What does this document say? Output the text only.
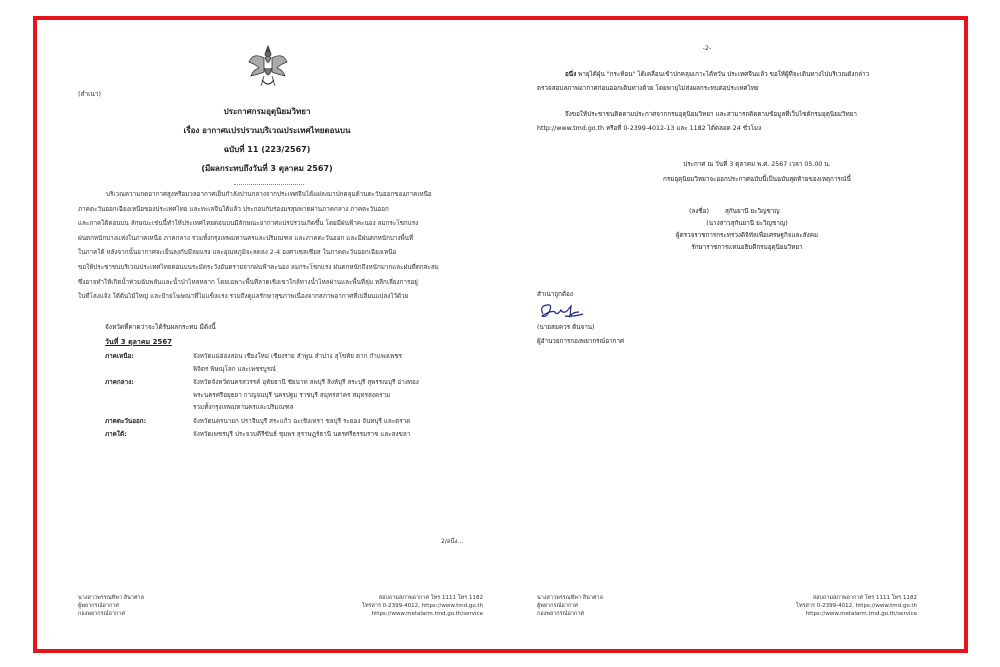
(สำเนา)
ประกาศกรมอุตุนิยมวิทยา
เรื่อง อากาศแปรปรวนบริเวณประเทศไทยตอนบน
ฉบับที่ 11 (223/2567)
(มีผลกระทบถึงวันที่ 3 ตุลาคม 2567)
บริเวณความกดอากาศสูงหรือมวลอากาศเย็นกำลังปานกลางจากประเทศจีนได้แผ่ลงมาปกคลุมด้านตะวันออกของภาคเหนือ
ภาคตะวันออกเฉียงเหนือของประเทศไทย และทะเลจีนใต้แล้ว ประกอบกับร่องมรสุมพาดผ่านภาคกลาง ภาคตะวันออก
และภาคใต้ตอนบน ลักษณะเช่นนี้ทำให้ประเทศไทยตอนบนมีลักษณะอากาศแปรปรวนเกิดขึ้น โดยมีฝนฟ้าคะนอง ลมกระโชกแรง
ฝนตกหนักบางแห่งในภาคเหนือ ภาคกลาง รวมทั้งกรุงเทพมหานครและปริมณฑล และภาคตะวันออก และมีฝนตกหนักบางพื้นที่
ในภาคใต้ หลังจากนั้นอากาศจะเย็นลงกับมีลมแรง และอุณหภูมิจะลดลง 2-4 องศาเซลเซียส ในภาคตะวันออกเฉียงเหนือ
ขอให้ประชาชนบริเวณประเทศไทยตอนบนระมัดระวังอันตรายจากฝนฟ้าคะนอง ลมกระโชกแรง ฝนตกหนักถึงหนักมากและฝนที่ตกสะสม
ซึ่งอาจทำให้เกิดน้ำท่วมฉับพลันและน้ำป่าไหลหลาก โดยเฉพาะพื้นที่ลาดเชิงเขาใกล้ทางน้ำไหลผ่านและพื้นที่ลุ่ม หลีกเลี่ยงการอยู่
ในที่โล่งแจ้ง ใต้ต้นไม้ใหญ่ และป้ายโฆษณาที่ไม่แข็งแรง รวมถึงดูแลรักษาสุขภาพเนื่องจากสภาพอากาศที่เปลี่ยนแปลงไว้ด้วย
จังหวัดที่คาดว่าจะได้รับผลกระทบ มีดังนี้
วันที่ 3 ตุลาคม 2567
ภาคเหนือ:	จังหวัดแม่ฮ่องสอน เชียงใหม่ เชียงราย ลำพูน ลำปาง สุโขทัย ตาก กำแพงเพชร
พิจิตร พิษณุโลก และเพชรบูรณ์
ภาคกลาง:	จังหวัดจังหวัดนครสวรรค์ อุทัยธานี ชัยนาท ลพบุรี สิงห์บุรี สระบุรี สุพรรณบุรี อ่างทอง
พระนครศรีอยุธยา กาญจนบุรี นครปฐม ราชบุรี สมุทรสาคร สมุทรสงคราม
รวมทั้งกรุงเทพมหานครและปริมณฑล
ภาคตะวันออก:	จังหวัดนครนายก ปราจีนบุรี สระแก้ว ฉะเชิงเทรา ชลบุรี ระยอง จันทบุรี และตราด
ภาคใต้:	จังหวัดเพชรบุรี ประจวบคีรีขันธ์ ชุมพร สุราษฎร์ธานี นครศรีธรรมราช และสงขลา
2/อนึ่ง...
นางสาวพรรณทิพา สินาศาล
ผู้พยากรณ์อากาศ
กองพยากรณ์อากาศ
สอบถามสภาพอากาศ โทร 1111 โทร 1182
โทรสาร 0-2399-4012, https://www.tmd.go.th
https://www.metalarm.tmd.go.th/service
-2-
อนึ่ง พายุไต้ฝุ่น "กระท้อน" ได้เคลื่อนเข้าปกคลุมเกาะไต้หวัน ประเทศจีนแล้ว ขอให้ผู้ที่จะเดินทางไปบริเวณดังกล่าว
ตรวจสอบสภาพอากาศก่อนออกเดินทางด้วย โดยพายุไม่ส่งผลกระทบต่อประเทศไทย
จึงขอให้ประชาชนติดตามประกาศจากกรมอุตุนิยมวิทยา และสามารถติดตามข้อมูลที่เว็บไซต์กรมอุตุนิยมวิทยา
http://www.tmd.go.th หรือที่ 0-2399-4012-13 และ 1182 ได้ตลอด 24 ชั่วโมง
ประกาศ ณ วันที่ 3 ตุลาคม พ.ศ. 2567 เวลา 05.00 น.
กรมอุตุนิยมวิทยาจะออกประกาศฉบับนี้เป็นฉบับสุดท้ายของเหตุการณ์นี้
(ลงชื่อ)	สุกันยานี ยะวิญชาญ
(นางสาวสุกันยานี ยะวิญชาญ)
ผู้ตรวจราชการกระทรวงดิจิทัลเพื่อเศรษฐกิจและสังคม
รักษาราชการแทนอธิบดีกรมอุตุนิยมวิทยา
สำเนาถูกต้อง
(นายสมควร ต้นจาน)
ผู้อำนวยการกองพยากรณ์อากาศ
นางสาวพรรณทิพา สินาศาล
ผู้พยากรณ์อากาศ
กองพยากรณ์อากาศ
สอบถามสภาพอากาศ โทร 1111 โทร 1182
โทรสาร 0-2399-4012, https://www.tmd.go.th
https://www.metalarm.tmd.go.th/service
